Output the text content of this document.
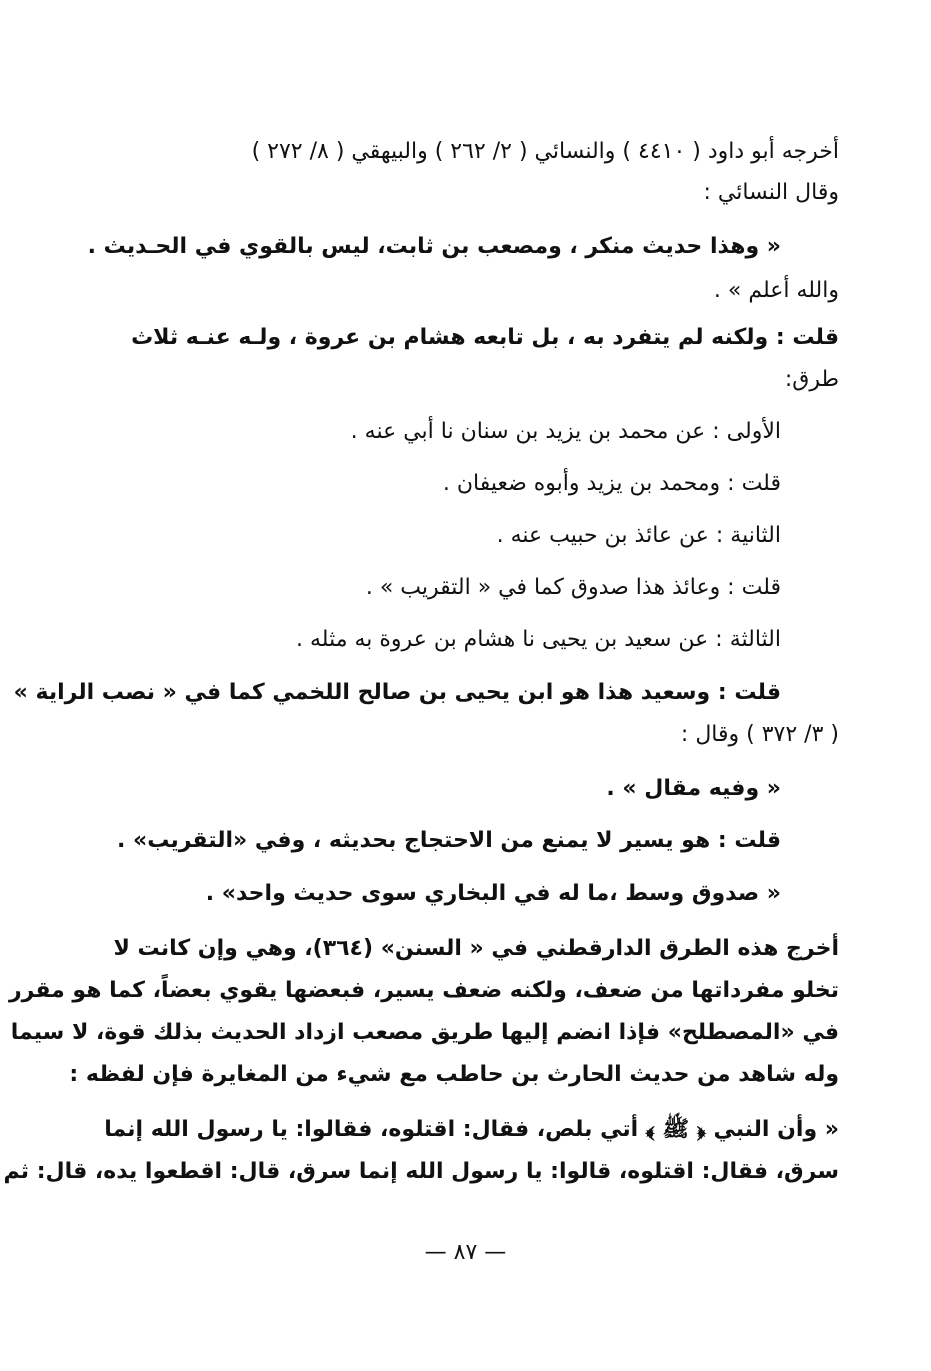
أخرجه أبو داود ( ٤٤١٠ ) والنسائي ( ٢/ ٢٦٢ ) والبيهقي ( ٨/ ٢٧٢ )
وقال النسائي :
« وهذا حديث منكر ، ومصعب بن ثابت، ليس بالقوي في الحـديث .
والله أعلم » .
قلت : ولكنه لم يتفرد به ، بل تابعه هشام بن عروة ، ولـه عنـه ثلاث
طرق:
الأولى : عن محمد بن يزيد بن سنان نا أبي عنه .
قلت : ومحمد بن يزيد وأبوه ضعيفان .
الثانية : عن عائذ بن حبيب عنه .
قلت : وعائذ هذا صدوق كما في « التقريب » .
الثالثة : عن سعيد بن يحيى نا هشام بن عروة به مثله .
قلت : وسعيد هذا هو ابن يحيى بن صالح اللخمي كما في « نصب الراية »
( ٣/ ٣٧٢ ) وقال :
« وفيه مقال » .
قلت : هو يسير لا يمنع من الاحتجاج بحديثه ، وفي «التقريب» .
« صدوق وسط ،ما له في البخاري سوى حديث واحد» .
أخرج هذه الطرق الدارقطني في « السنن» (٣٦٤)، وهي وإن كانت لا
تخلو مفرداتها من ضعف، ولكنه ضعف يسير، فبعضها يقوي بعضاً، كما هو مقرر
في «المصطلح» فإذا انضم إليها طريق مصعب ازداد الحديث بذلك قوة، لا سيما
وله شاهد من حديث الحارث بن حاطب مع شيء من المغايرة فإن لفظه :
« وأن النبي ﴿ ﷺ ﴾ أتي بلص، فقال: اقتلوه، فقالوا: يا رسول الله إنما
سرق، فقال: اقتلوه، قالوا: يا رسول الله إنما سرق، قال: اقطعوا يده، قال: ثم
— ٨٧ —
